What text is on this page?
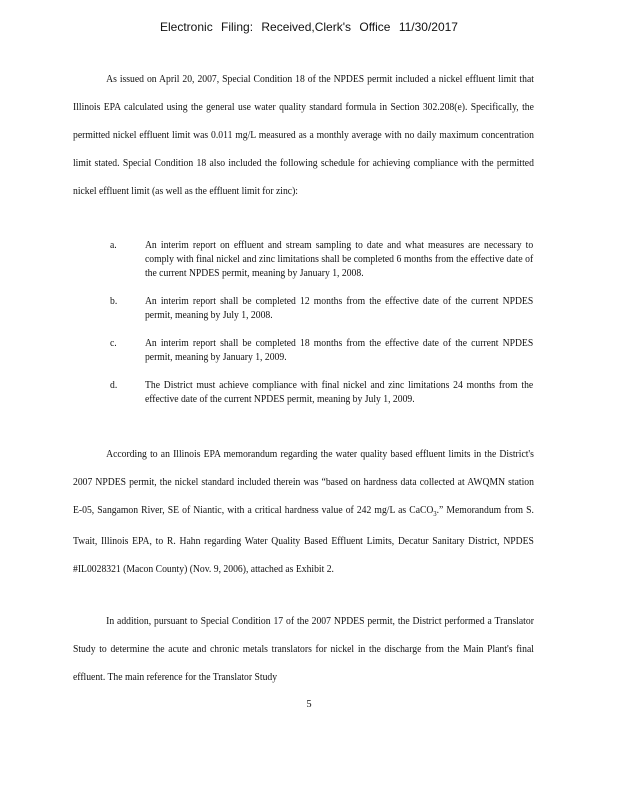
Electronic Filing: Received,Clerk's Office 11/30/2017
As issued on April 20, 2007, Special Condition 18 of the NPDES permit included a nickel effluent limit that Illinois EPA calculated using the general use water quality standard formula in Section 302.208(e). Specifically, the permitted nickel effluent limit was 0.011 mg/L measured as a monthly average with no daily maximum concentration limit stated. Special Condition 18 also included the following schedule for achieving compliance with the permitted nickel effluent limit (as well as the effluent limit for zinc):
a.	An interim report on effluent and stream sampling to date and what measures are necessary to comply with final nickel and zinc limitations shall be completed 6 months from the effective date of the current NPDES permit, meaning by January 1, 2008.
b.	An interim report shall be completed 12 months from the effective date of the current NPDES permit, meaning by July 1, 2008.
c.	An interim report shall be completed 18 months from the effective date of the current NPDES permit, meaning by January 1, 2009.
d.	The District must achieve compliance with final nickel and zinc limitations 24 months from the effective date of the current NPDES permit, meaning by July 1, 2009.
According to an Illinois EPA memorandum regarding the water quality based effluent limits in the District's 2007 NPDES permit, the nickel standard included therein was “based on hardness data collected at AWQMN station E-05, Sangamon River, SE of Niantic, with a critical hardness value of 242 mg/L as CaCO$_3$.” Memorandum from S. Twait, Illinois EPA, to R. Hahn regarding Water Quality Based Effluent Limits, Decatur Sanitary District, NPDES #IL0028321 (Macon County) (Nov. 9, 2006), attached as Exhibit 2.
In addition, pursuant to Special Condition 17 of the 2007 NPDES permit, the District performed a Translator Study to determine the acute and chronic metals translators for nickel in the discharge from the Main Plant's final effluent. The main reference for the Translator Study
5
